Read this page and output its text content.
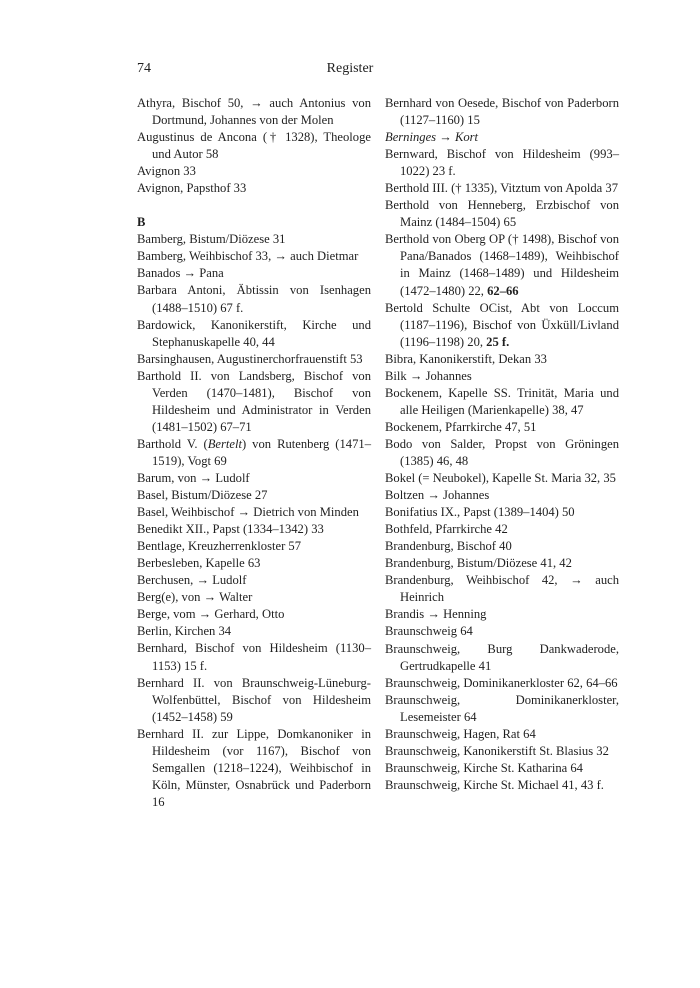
74	Register

Athyra, Bischof 50, → auch Antonius von Dortmund, Johannes von der Molen

Augustinus de Ancona († 1328), Theologe und Autor 58

Avignon 33

Avignon, Papsthof 33

B

Bamberg, Bistum/Diözese 31

Bamberg, Weihbischof 33, → auch Dietmar

Banados → Pana

Barbara Antoni, Äbtissin von Isenhagen (1488–1510) 67 f.

Bardowick, Kanonikerstift, Kirche und Stephanuskapelle 40, 44

Barsinghausen, Augustinerchorfrauenstift 53

Barthold II. von Landsberg, Bischof von Verden (1470–1481), Bischof von Hildesheim und Administrator in Verden (1481–1502) 67–71

Barthold V. (Bertelt) von Rutenberg (1471–1519), Vogt 69

Barum, von → Ludolf

Basel, Bistum/Diözese 27

Basel, Weihbischof → Dietrich von Minden

Benedikt XII., Papst (1334–1342) 33

Bentlage, Kreuzherrenkloster 57

Berbesleben, Kapelle 63

Berchusen, → Ludolf

Berg(e), von → Walter

Berge, vom → Gerhard, Otto

Berlin, Kirchen 34

Bernhard, Bischof von Hildesheim (1130–1153) 15 f.

Bernhard II. von Braunschweig-Lüneburg-Wolfenbüttel, Bischof von Hildesheim (1452–1458) 59

Bernhard II. zur Lippe, Domkanoniker in Hildesheim (vor 1167), Bischof von Semgallen (1218–1224), Weihbischof in Köln, Münster, Osnabrück und Paderborn 16

Bernhard von Oesede, Bischof von Paderborn (1127–1160) 15

Berninges → Kort

Bernward, Bischof von Hildesheim (993–1022) 23 f.

Berthold III. († 1335), Vitztum von Apolda 37

Berthold von Henneberg, Erzbischof von Mainz (1484–1504) 65

Berthold von Oberg OP († 1498), Bischof von Pana/Banados (1468–1489), Weihbischof in Mainz (1468–1489) und Hildesheim (1472–1480) 22, 62–66

Bertold Schulte OCist, Abt von Loccum (1187–1196), Bischof von Üxküll/Livland (1196–1198) 20, 25 f.

Bibra, Kanonikerstift, Dekan 33

Bilk → Johannes

Bockenem, Kapelle SS. Trinität, Maria und alle Heiligen (Marienkapelle) 38, 47

Bockenem, Pfarrkirche 47, 51

Bodo von Salder, Propst von Gröningen (1385) 46, 48

Bokel (= Neubokel), Kapelle St. Maria 32, 35

Boltzen → Johannes

Bonifatius IX., Papst (1389–1404) 50

Bothfeld, Pfarrkirche 42

Brandenburg, Bischof 40

Brandenburg, Bistum/Diözese 41, 42

Brandenburg, Weihbischof 42, → auch Heinrich

Brandis → Henning

Braunschweig 64

Braunschweig, Burg Dankwaderode, Gertrudkapelle 41

Braunschweig, Dominikanerkloster 62, 64–66

Braunschweig, Dominikanerkloster, Lesemeister 64

Braunschweig, Hagen, Rat 64

Braunschweig, Kanonikerstift St. Blasius 32

Braunschweig, Kirche St. Katharina 64

Braunschweig, Kirche St. Michael 41, 43 f.
